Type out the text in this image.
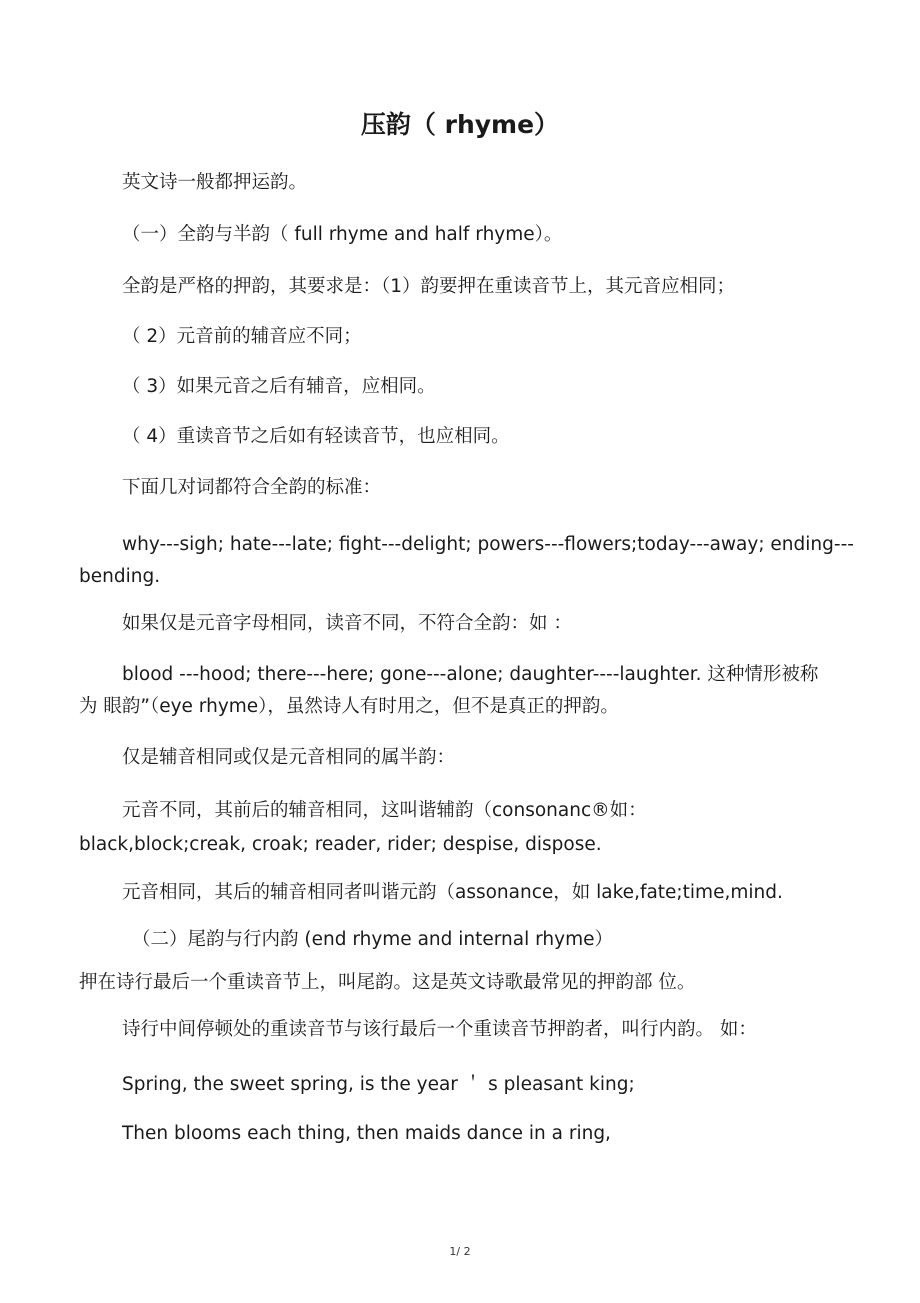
压韵（ rhyme）

英文诗一般都押运韵。

（一）全韵与半韵（ full rhyme and half rhyme）。

全韵是严格的押韵，其要求是：（1）韵要押在重读音节上，其元音应相同；

（ 2）元音前的辅音应不同；

（ 3）如果元音之后有辅音，应相同。

（ 4）重读音节之后如有轻读音节，也应相同。

下面几对词都符合全韵的标准：

why---sigh; hate---late; fight---delight; powers---flowers;today---away; ending---

bending.

如果仅是元音字母相同，读音不同，不符合全韵：如 ：

blood ---hood; there---here; gone---alone; daughter----laughter. 这种情形被称

为 眼韵”（eye rhyme），虽然诗人有时用之，但不是真正的押韵。

仅是辅音相同或仅是元音相同的属半韵：

元音不同，其前后的辅音相同，这叫谐辅韵（consonanc®如：

black,block;creak, croak; reader, rider; despise, dispose.

元音相同，其后的辅音相同者叫谐元韵（assonance，如 lake,fate;time,mind.

（二）尾韵与行内韵 (end rhyme and internal rhyme）

押在诗行最后一个重读音节上，叫尾韵。这是英文诗歌最常见的押韵部 位。

诗行中间停顿处的重读音节与该行最后一个重读音节押韵者，叫行内韵。 如：

Spring, the sweet spring, is the year ＇ s pleasant king;

Then blooms each thing, then maids dance in a ring,

1/ 2
